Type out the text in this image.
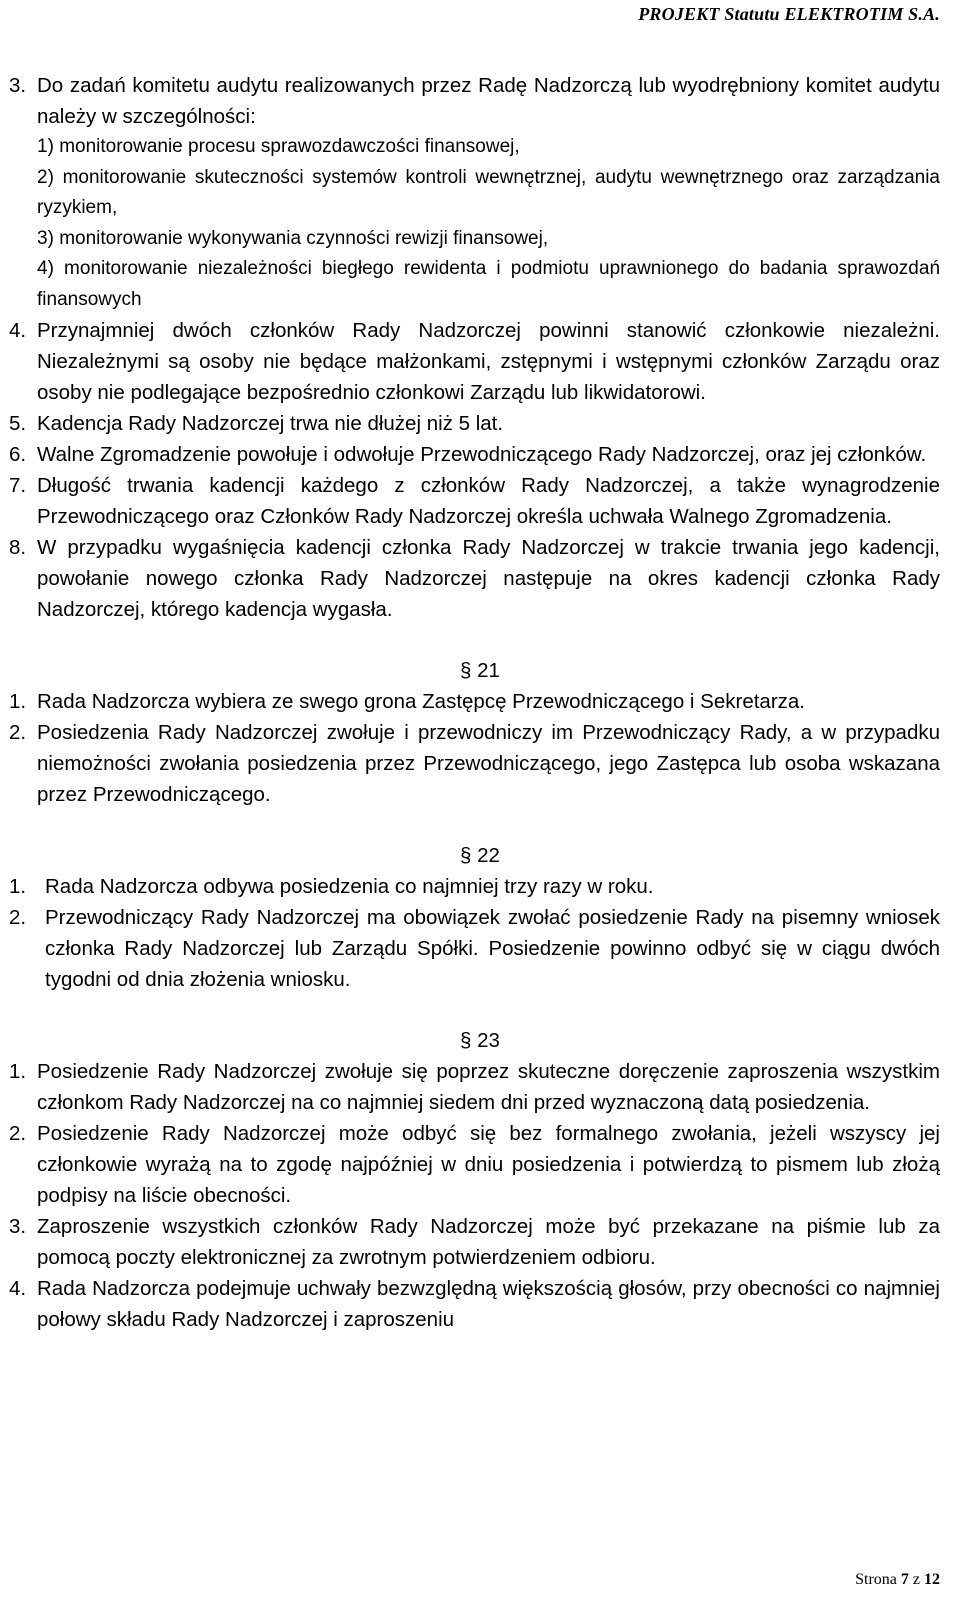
PROJEKT Statutu ELEKTROTIM S.A.
3. Do zadań komitetu audytu realizowanych przez Radę Nadzorczą lub wyodrębniony komitet audytu należy w szczególności:
1) monitorowanie procesu sprawozdawczości finansowej,
2) monitorowanie skuteczności systemów kontroli wewnętrznej, audytu wewnętrznego oraz zarządzania ryzykiem,
3) monitorowanie wykonywania czynności rewizji finansowej,
4) monitorowanie niezależności biegłego rewidenta i podmiotu uprawnionego do badania sprawozdań finansowych
4. Przynajmniej dwóch członków Rady Nadzorczej powinni stanowić członkowie niezależni. Niezależnymi są osoby nie będące małżonkami, zstępnymi i wstępnymi członków Zarządu oraz osoby nie podlegające bezpośrednio członkowi Zarządu lub likwidatorowi.
5. Kadencja Rady Nadzorczej trwa nie dłużej niż 5 lat.
6. Walne Zgromadzenie powołuje i odwołuje Przewodniczącego Rady Nadzorczej, oraz jej członków.
7. Długość trwania kadencji każdego z członków Rady Nadzorczej, a także wynagrodzenie Przewodniczącego oraz Członków Rady Nadzorczej określa uchwała Walnego Zgromadzenia.
8. W przypadku wygaśnięcia kadencji członka Rady Nadzorczej w trakcie trwania jego kadencji, powołanie nowego członka Rady Nadzorczej następuje na okres kadencji członka Rady Nadzorczej, którego kadencja wygasła.
§ 21
1. Rada Nadzorcza wybiera ze swego grona Zastępcę Przewodniczącego i Sekretarza.
2. Posiedzenia Rady Nadzorczej zwołuje i przewodniczy im Przewodniczący Rady, a w przypadku niemożności zwołania posiedzenia przez Przewodniczącego, jego Zastępca lub osoba wskazana przez Przewodniczącego.
§ 22
1. Rada Nadzorcza odbywa posiedzenia co najmniej trzy razy w roku.
2. Przewodniczący Rady Nadzorczej ma obowiązek zwołać posiedzenie Rady na pisemny wniosek członka Rady Nadzorczej lub Zarządu Spółki. Posiedzenie powinno odbyć się w ciągu dwóch tygodni od dnia złożenia wniosku.
§ 23
1. Posiedzenie Rady Nadzorczej zwołuje się poprzez skuteczne doręczenie zaproszenia wszystkim członkom Rady Nadzorczej na co najmniej siedem dni przed wyznaczoną datą posiedzenia.
2. Posiedzenie Rady Nadzorczej może odbyć się bez formalnego zwołania, jeżeli wszyscy jej członkowie wyrażą na to zgodę najpóźniej w dniu posiedzenia i potwierdzą to pismem lub złożą podpisy na liście obecności.
3. Zaproszenie wszystkich członków Rady Nadzorczej może być przekazane na piśmie lub za pomocą poczty elektronicznej za zwrotnym potwierdzeniem odbioru.
4. Rada Nadzorcza podejmuje uchwały bezwzględną większością głosów, przy obecności co najmniej połowy składu Rady Nadzorczej i zaproszeniu
Strona 7 z 12
